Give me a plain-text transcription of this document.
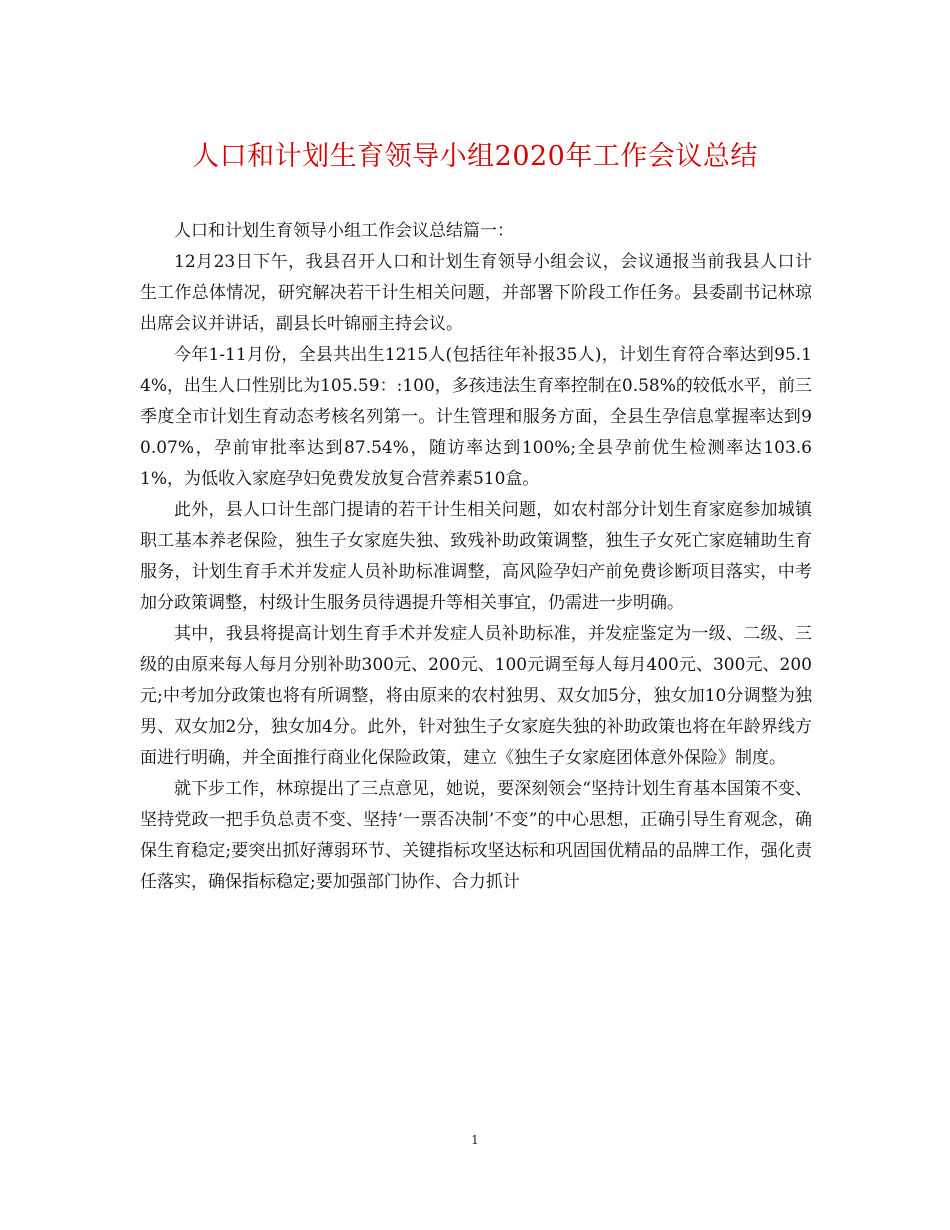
人口和计划生育领导小组2020年工作会议总结

人口和计划生育领导小组工作会议总结篇一：

12月23日下午，我县召开人口和计划生育领导小组会议，会议通报当前我县人口计生工作总体情况，研究解决若干计生相关问题，并部署下阶段工作任务。县委副书记林琼出席会议并讲话，副县长叶锦丽主持会议。

今年1-11月份，全县共出生1215人(包括往年补报35人)，计划生育符合率达到95.14%，出生人口性别比为105.59：:100，多孩违法生育率控制在0.58%的较低水平，前三季度全市计划生育动态考核名列第一。计生管理和服务方面，全县生孕信息掌握率达到90.07%，孕前审批率达到87.54%，随访率达到100%;全县孕前优生检测率达103.61%，为低收入家庭孕妇免费发放复合营养素510盒。

此外，县人口计生部门提请的若干计生相关问题，如农村部分计划生育家庭参加城镇职工基本养老保险，独生子女家庭失独、致残补助政策调整，独生子女死亡家庭辅助生育服务，计划生育手术并发症人员补助标准调整，高风险孕妇产前免费诊断项目落实，中考加分政策调整，村级计生服务员待遇提升等相关事宜，仍需进一步明确。

其中，我县将提高计划生育手术并发症人员补助标准，并发症鉴定为一级、二级、三级的由原来每人每月分别补助300元、200元、100元调至每人每月400元、300元、200元;中考加分政策也将有所调整，将由原来的农村独男、双女加5分，独女加10分调整为独男、双女加2分，独女加4分。此外，针对独生子女家庭失独的补助政策也将在年龄界线方面进行明确，并全面推行商业化保险政策，建立《独生子女家庭团体意外保险》制度。

就下步工作，林琼提出了三点意见，她说，要深刻领会“坚持计划生育基本国策不变、坚持党政一把手负总责不变、坚持‘一票否决制’不变”的中心思想，正确引导生育观念，确保生育稳定;要突出抓好薄弱环节、关键指标攻坚达标和巩固国优精品的品牌工作，强化责任落实，确保指标稳定;要加强部门协作、合力抓计

1
